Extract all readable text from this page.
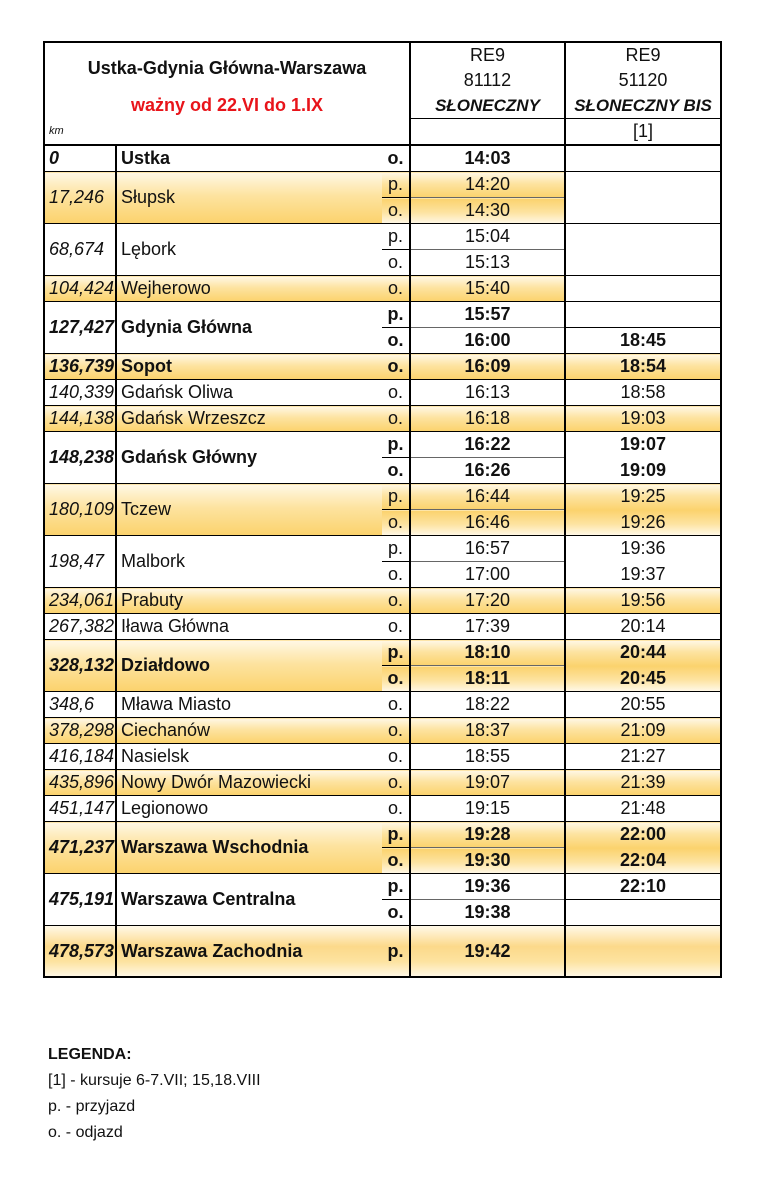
Ustka-Gdynia Główna-Warszawa			RE9	RE9
			81112	51120
ważny od 22.VI do 1.IX			SŁONECZNY	SŁONECZNY BIS
km				[1]
0	Ustka	o.	14:03	
17,246	Słupsk	p.	14:20	
		o.	14:30	
68,674	Lębork	p.	15:04	
		o.	15:13	
104,424	Wejherowo	o.	15:40	
127,427	Gdynia Główna	p.	15:57	
		o.	16:00	18:45
136,739	Sopot	o.	16:09	18:54
140,339	Gdańsk Oliwa	o.	16:13	18:58
144,138	Gdańsk Wrzeszcz	o.	16:18	19:03
148,238	Gdańsk Główny	p.	16:22	19:07
		o.	16:26	19:09
180,109	Tczew	p.	16:44	19:25
		o.	16:46	19:26
198,47	Malbork	p.	16:57	19:36
		o.	17:00	19:37
234,061	Prabuty	o.	17:20	19:56
267,382	Iława Główna	o.	17:39	20:14
328,132	Działdowo	p.	18:10	20:44
		o.	18:11	20:45
348,6	Mława Miasto	o.	18:22	20:55
378,298	Ciechanów	o.	18:37	21:09
416,184	Nasielsk	o.	18:55	21:27
435,896	Nowy Dwór Mazowiecki	o.	19:07	21:39
451,147	Legionowo	o.	19:15	21:48
471,237	Warszawa Wschodnia	p.	19:28	22:00
		o.	19:30	22:04
475,191	Warszawa Centralna	p.	19:36	22:10
		o.	19:38	
478,573	Warszawa Zachodnia	p.	19:42	
LEGENDA:
[1] - kursuje 6-7.VII; 15,18.VIII
p. - przyjazd
o. - odjazd
